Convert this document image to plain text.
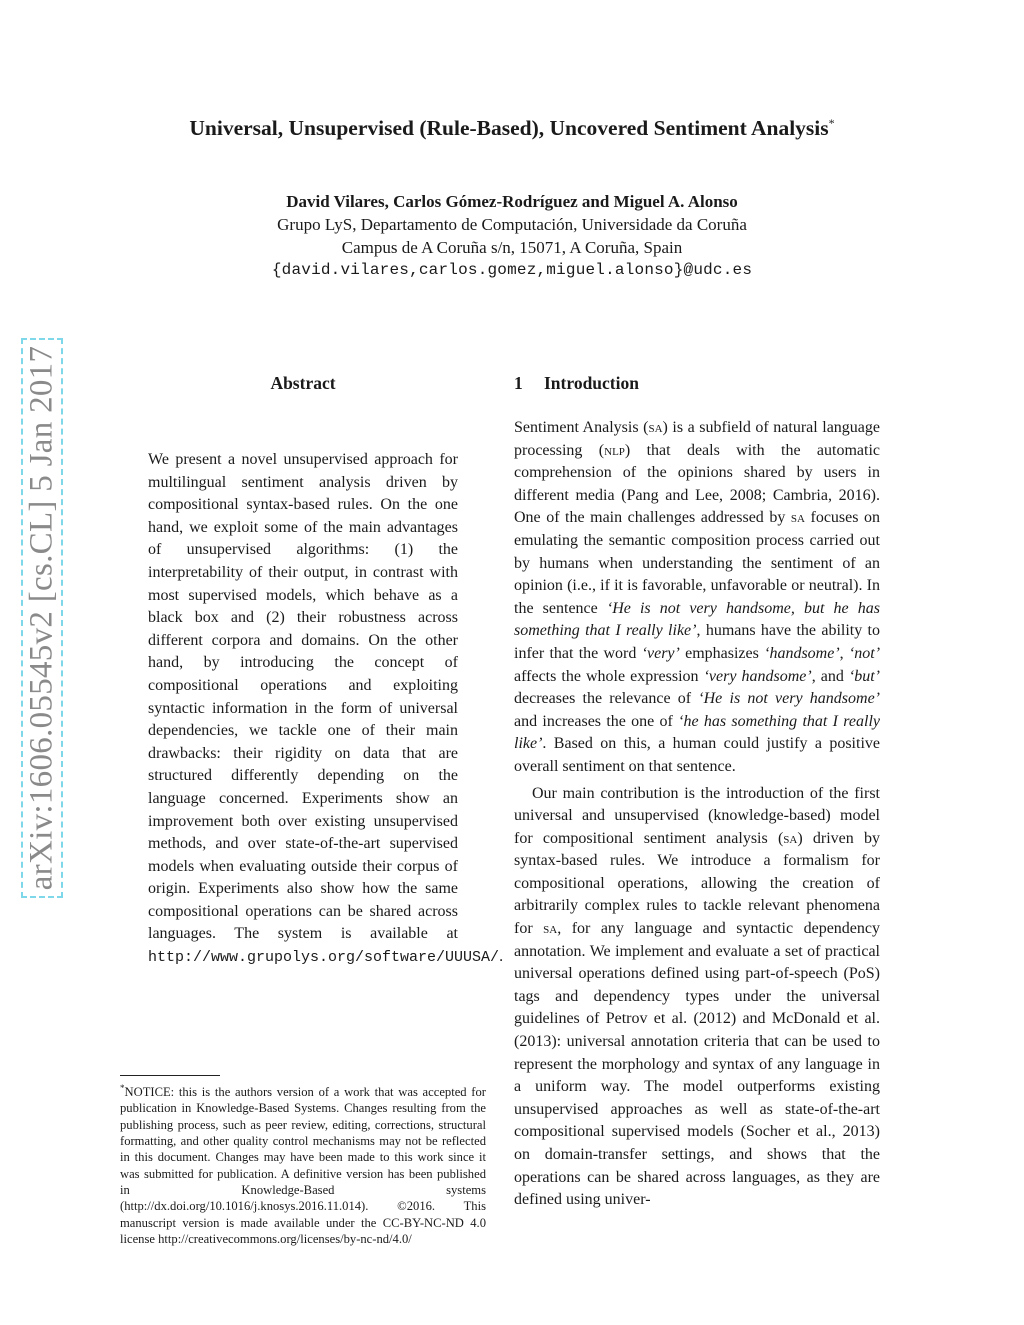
Universal, Unsupervised (Rule-Based), Uncovered Sentiment Analysis*
David Vilares, Carlos Gómez-Rodríguez and Miguel A. Alonso
Grupo LyS, Departamento de Computación, Universidade da Coruña
Campus de A Coruña s/n, 15071, A Coruña, Spain
{david.vilares,carlos.gomez,miguel.alonso}@udc.es
arXiv:1606.05545v2 [cs.CL] 5 Jan 2017	Abstract
We present a novel unsupervised approach for multilingual sentiment analysis driven by compositional syntax-based rules. On the one hand, we exploit some of the main advantages of unsupervised algorithms: (1) the interpretability of their output, in contrast with most supervised models, which behave as a black box and (2) their robustness across different corpora and domains. On the other hand, by introducing the concept of compositional operations and exploiting syntactic information in the form of universal dependencies, we tackle one of their main drawbacks: their rigidity on data that are structured differently depending on the language concerned. Experiments show an improvement both over existing unsupervised methods, and over state-of-the-art supervised models when evaluating outside their corpus of origin. Experiments also show how the same compositional operations can be shared across languages. The system is available at http://www.grupolys.org/software/UUUSA/.
*NOTICE: this is the authors version of a work that was accepted for publication in Knowledge-Based Systems. Changes resulting from the publishing process, such as peer review, editing, corrections, structural formatting, and other quality control mechanisms may not be reflected in this document. Changes may have been made to this work since it was submitted for publication. A definitive version has been published in Knowledge-Based systems (http://dx.doi.org/10.1016/j.knosys.2016.11.014). ©2016. This manuscript version is made available under the CC-BY-NC-ND 4.0 license http://creativecommons.org/licenses/by-nc-nd/4.0/
1 Introduction

Sentiment Analysis (sa) is a subfield of natural language processing (nlp) that deals with the automatic comprehension of the opinions shared by users in different media (Pang and Lee, 2008; Cambria, 2016). One of the main challenges addressed by sa focuses on emulating the semantic composition process carried out by humans when understanding the sentiment of an opinion (i.e., if it is favorable, unfavorable or neutral). In the sentence ‘He is not very handsome, but he has something that I really like’, humans have the ability to infer that the word ‘very’ emphasizes ‘handsome’, ‘not’ affects the whole expression ‘very handsome’, and ‘but’ decreases the relevance of ‘He is not very handsome’ and increases the one of ‘he has something that I really like’. Based on this, a human could justify a positive overall sentiment on that sentence.

Our main contribution is the introduction of the first universal and unsupervised (knowledge-based) model for compositional sentiment analysis (sa) driven by syntax-based rules. We introduce a formalism for compositional operations, allowing the creation of arbitrarily complex rules to tackle relevant phenomena for sa, for any language and syntactic dependency annotation. We implement and evaluate a set of practical universal operations defined using part-of-speech (PoS) tags and dependency types under the universal guidelines of Petrov et al. (2012) and McDonald et al. (2013): universal annotation criteria that can be used to represent the morphology and syntax of any language in a uniform way. The model outperforms existing unsupervised approaches as well as state-of-the-art compositional supervised models (Socher et al., 2013) on domain-transfer settings, and shows that the operations can be shared across languages, as they are defined using univer-
